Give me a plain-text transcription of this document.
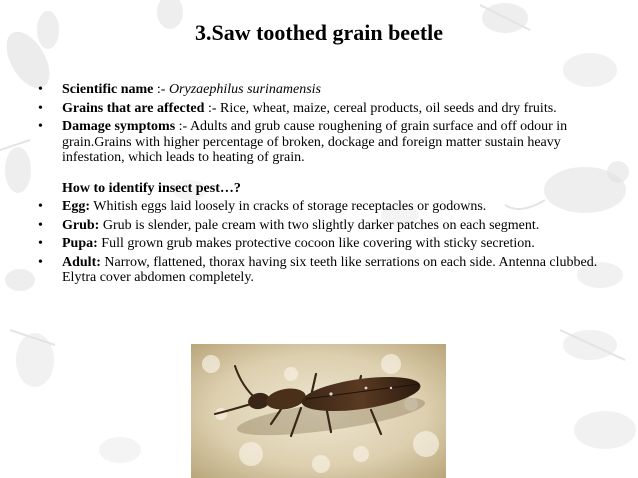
3.Saw toothed grain beetle
• Scientific name :- Oryzaephilus surinamensis
• Grains that are affected :- Rice, wheat, maize, cereal products, oil seeds and dry fruits.
• Damage symptoms :- Adults and grub cause roughening of grain surface and off odour in grain.Grains with higher percentage of broken, dockage and foreign matter sustain heavy infestation, which leads to heating of grain.
How to identify insect pest…?
• Egg: Whitish eggs laid loosely in cracks of storage receptacles or godowns.
• Grub: Grub is slender, pale cream with two slightly darker patches on each segment.
• Pupa: Full grown grub makes protective cocoon like covering with sticky secretion.
• Adult: Narrow, flattened, thorax having six teeth like serrations on each side. Antenna clubbed. Elytra cover abdomen completely.
